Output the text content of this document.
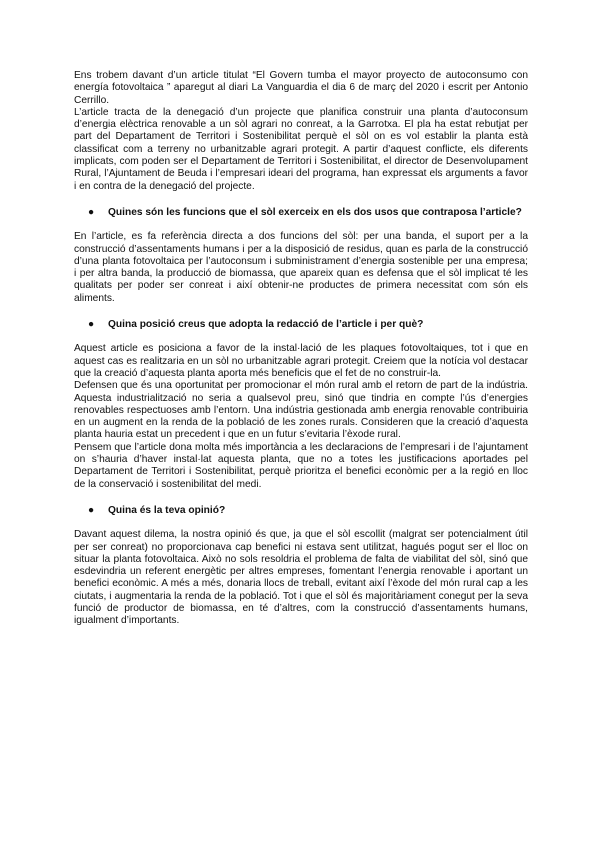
Ens trobem davant d’un article titulat “El Govern tumba el mayor proyecto de autoconsumo con energía fotovoltaica ” aparegut al diari La Vanguardia el dia 6 de març del 2020 i escrit per Antonio Cerrillo.

L’article tracta de la denegació d’un projecte que planifica construir una planta d’autoconsum d’energia elèctrica renovable a un sòl agrari no conreat, a la Garrotxa. El pla ha estat rebutjat per part del Departament de Territori i Sostenibilitat perquè el sòl on es vol establir la planta està classificat com a terreny no urbanitzable agrari protegit. A partir d’aquest conflicte, els diferents implicats, com poden ser el Departament de Territori i Sostenibilitat, el director de Desenvolupament Rural, l’Ajuntament de Beuda i l’empresari ideari del programa, han expressat els arguments a favor i en contra de la denegació del projecte.

● Quines són les funcions que el sòl exerceix en els dos usos que contraposa l’article?

En l’article, es fa referència directa a dos funcions del sòl: per una banda, el suport per a la construcció d’assentaments humans i per a la disposició de residus, quan es parla de la construcció d’una planta fotovoltaica per l’autoconsum i subministrament d’energia sostenible per una empresa; i per altra banda, la producció de biomassa, que apareix quan es defensa que el sòl implicat té les qualitats per poder ser conreat i així obtenir-ne productes de primera necessitat com són els aliments.

● Quina posició creus que adopta la redacció de l’article i per què?

Aquest article es posiciona a favor de la instal·lació de les plaques fotovoltaiques, tot i que en aquest cas es realitzaria en un sòl no urbanitzable agrari protegit. Creiem que la notícia vol destacar que la creació d’aquesta planta aporta més beneficis que el fet de no construir-la.

Defensen que és una oportunitat per promocionar el món rural amb el retorn de part de la indústria. Aquesta industrialització no seria a qualsevol preu, sinó que tindria en compte l’ús d’energies renovables respectuoses amb l’entorn. Una indústria gestionada amb energia renovable contribuiria en un augment en la renda de la població de les zones rurals. Consideren que la creació d’aquesta planta hauria estat un precedent i que en un futur s’evitaria l’èxode rural.

Pensem que l’article dona molta més importància a les declaracions de l’empresari i de l’ajuntament on s’hauria d’haver instal·lat aquesta planta, que no a totes les justificacions aportades pel Departament de Territori i Sostenibilitat, perquè prioritza el benefici econòmic per a la regió en lloc de la conservació i sostenibilitat del medi.

● Quina és la teva opinió?

Davant aquest dilema, la nostra opinió és que, ja que el sòl escollit (malgrat ser potencialment útil per ser conreat) no proporcionava cap benefici ni estava sent utilitzat, hagués pogut ser el lloc on situar la planta fotovoltaica. Això no sols resoldria el problema de falta de viabilitat del sòl, sinó que esdevindria un referent energètic per altres empreses, fomentant l’energia renovable i aportant un benefici econòmic. A més a més, donaria llocs de treball, evitant així l’èxode del món rural cap a les ciutats, i augmentaria la renda de la població. Tot i que el sòl és majoritàriament conegut per la seva funció de productor de biomassa, en té d’altres, com la construcció d’assentaments humans, igualment d’importants.
